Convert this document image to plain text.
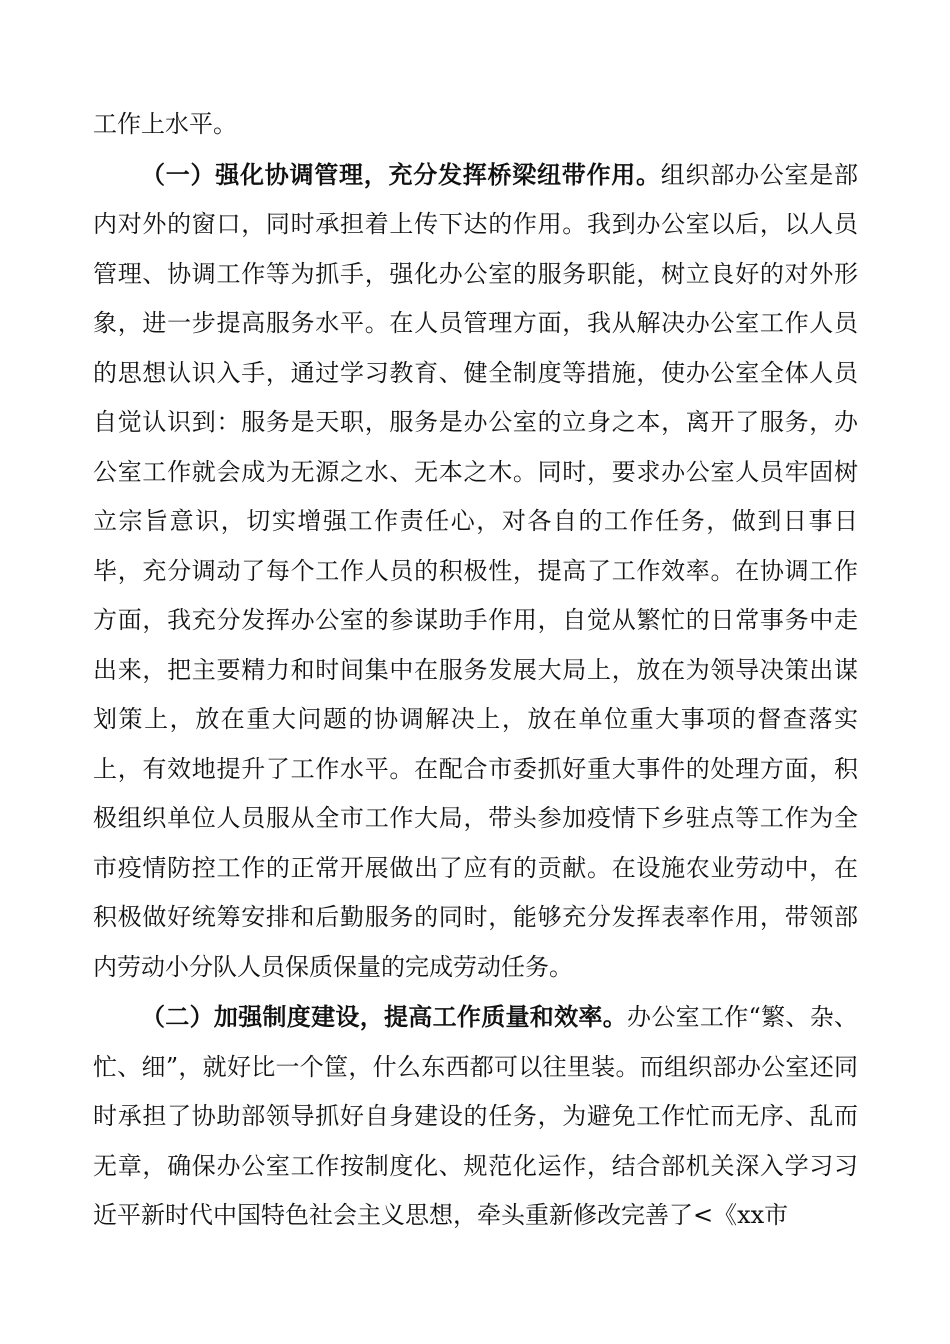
工作上水平。

（一）强化协调管理，充分发挥桥梁纽带作用。组织部办公室是部内对外的窗口，同时承担着上传下达的作用。我到办公室以后，以人员管理、协调工作等为抓手，强化办公室的服务职能，树立良好的对外形象，进一步提高服务水平。在人员管理方面，我从解决办公室工作人员的思想认识入手，通过学习教育、健全制度等措施，使办公室全体人员自觉认识到：服务是天职，服务是办公室的立身之本，离开了服务，办公室工作就会成为无源之水、无本之木。同时，要求办公室人员牢固树立宗旨意识，切实增强工作责任心，对各自的工作任务，做到日事日毕，充分调动了每个工作人员的积极性，提高了工作效率。在协调工作方面，我充分发挥办公室的参谋助手作用，自觉从繁忙的日常事务中走出来，把主要精力和时间集中在服务发展大局上，放在为领导决策出谋划策上，放在重大问题的协调解决上，放在单位重大事项的督查落实上，有效地提升了工作水平。在配合市委抓好重大事件的处理方面，积极组织单位人员服从全市工作大局，带头参加疫情下乡驻点等工作为全市疫情防控工作的正常开展做出了应有的贡献。在设施农业劳动中，在积极做好统筹安排和后勤服务的同时，能够充分发挥表率作用，带领部内劳动小分队人员保质保量的完成劳动任务。

（二）加强制度建设，提高工作质量和效率。办公室工作“繁、杂、忙、细”，就好比一个筐，什么东西都可以往里装。而组织部办公室还同时承担了协助部领导抓好自身建设的任务，为避免工作忙而无序、乱而无章，确保办公室工作按制度化、规范化运作，结合部机关深入学习习近平新时代中国特色社会主义思想，牵头重新修改完善了<《xx市
